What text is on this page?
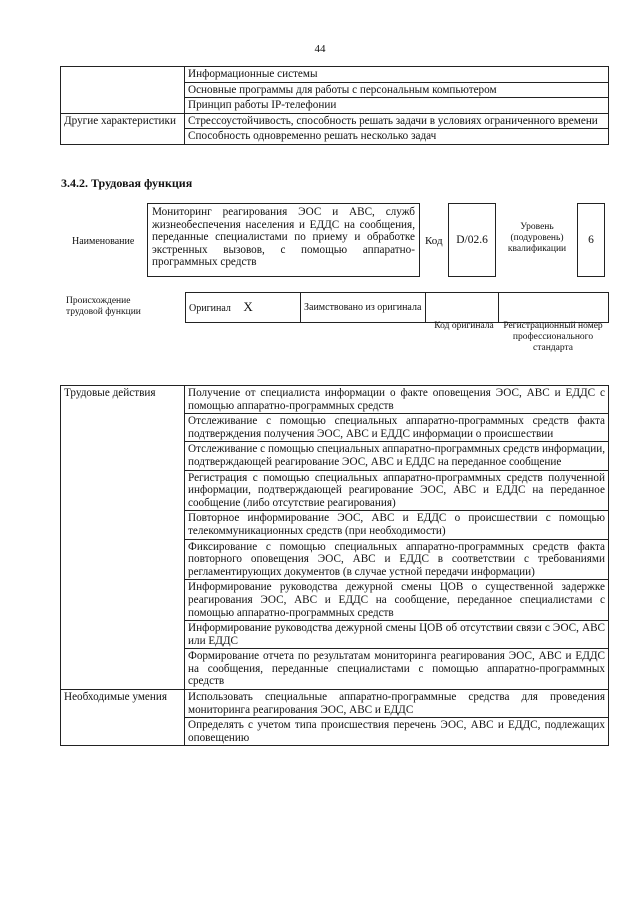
44
	Информационные системы
	Основные программы для работы с персональным компьютером
	Принцип работы IP-телефонии
Другие характеристики	Стрессоустойчивость, способность решать задачи в условиях ограниченного времени
	Способность одновременно решать несколько задач
3.4.2. Трудовая функция
Наименование
Мониторинг реагирования ЭОС и АВС, служб жизнеобеспечения населения и ЕДДС на сообщения, переданные специалистами по приему и обработке экстренных вызовов, с помощью аппаратно-программных средств
Код	D/02.6
Уровень (подуровень) квалификации
6
Происхождение трудовой функции	Оригинал X	Заимствовано из оригинала		
Код оригинала	Регистрационный номер профессионального стандарта
Трудовые действия	Получение от специалиста информации о факте оповещения ЭОС, АВС и ЕДДС с помощью аппаратно-программных средств
	Отслеживание с помощью специальных аппаратно-программных средств факта подтверждения получения ЭОС, АВС и ЕДДС информации о происшествии
	Отслеживание с помощью специальных аппаратно-программных средств информации, подтверждающей реагирование ЭОС, АВС и ЕДДС на переданное сообщение
	Регистрация с помощью специальных аппаратно-программных средств полученной информации, подтверждающей реагирование ЭОС, АВС и ЕДДС на переданное сообщение (либо отсутствие реагирования)
	Повторное информирование ЭОС, АВС и ЕДДС о происшествии с помощью телекоммуникационных средств (при необходимости)
	Фиксирование с помощью специальных аппаратно-программных средств факта повторного оповещения ЭОС, АВС и ЕДДС в соответствии с требованиями регламентирующих документов (в случае устной передачи информации)
	Информирование руководства дежурной смены ЦОВ о существенной задержке реагирования ЭОС, АВС и ЕДДС на сообщение, переданное специалистами с помощью аппаратно-программных средств
	Информирование руководства дежурной смены ЦОВ об отсутствии связи с ЭОС, АВС или ЕДДС
	Формирование отчета по результатам мониторинга реагирования ЭОС, АВС и ЕДДС на сообщения, переданные специалистами с помощью аппаратно-программных средств
Необходимые умения	Использовать специальные аппаратно-программные средства для проведения мониторинга реагирования ЭОС, АВС и ЕДДС
	Определять с учетом типа происшествия перечень ЭОС, АВС и ЕДДС, подлежащих оповещению
